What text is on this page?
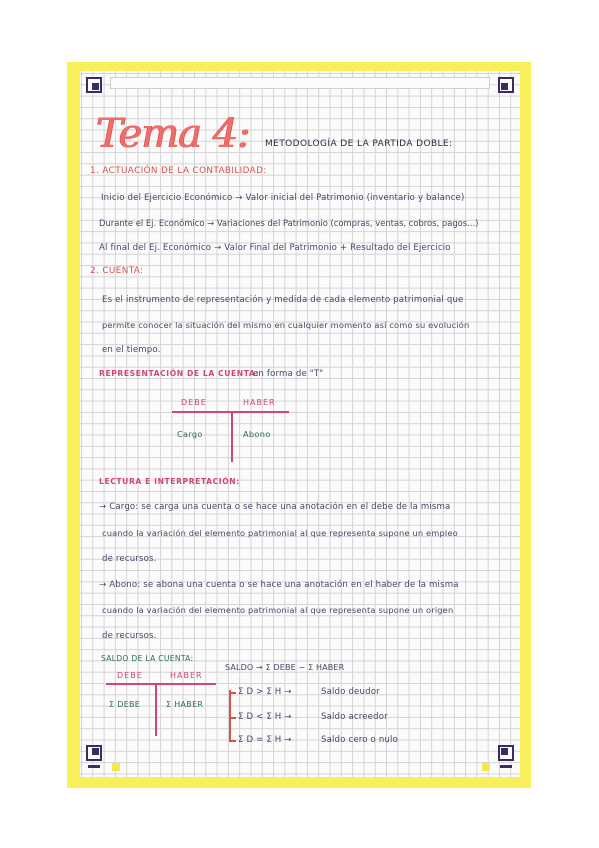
Tema 4: METODOLOGÍA DE LA PARTIDA DOBLE:
1. ACTUACIÓN DE LA CONTABILIDAD:
Inicio del Ejercicio Económico → Valor inicial del Patrimonio (inventario y balance)
Durante el Ej. Económico → Variaciones del Patrimonio (compras, ventas, cobros, pagos...)
Al final del Ej. Económico → Valor Final del Patrimonio + Resultado del Ejercicio
2. CUENTA:
Es el instrumento de representación y medida de cada elemento patrimonial que
permite conocer la situación del mismo en cualquier momento así como su evolución
en el tiempo.
REPRESENTACIÓN DE LA CUENTA:
en forma de "T"
DEBE	HABER
Cargo	Abono
LECTURA E INTERPRETACIÓN:
→ Cargo: se carga una cuenta o se hace una anotación en el debe de la misma
cuando la variación del elemento patrimonial al que representa supone un empleo
de recursos.
→ Abono: se abona una cuenta o se hace una anotación en el haber de la misma
cuando la variación del elemento patrimonial al que representa supone un origen
de recursos.
SALDO DE LA CUENTA:
SALDO → Σ DEBE − Σ HABER
DEBE	HABER
Σ DEBE	Σ HABER
Σ D > Σ H →	Saldo deudor
Σ D < Σ H →	Saldo acreedor
Σ D = Σ H →	Saldo cero o nulo
